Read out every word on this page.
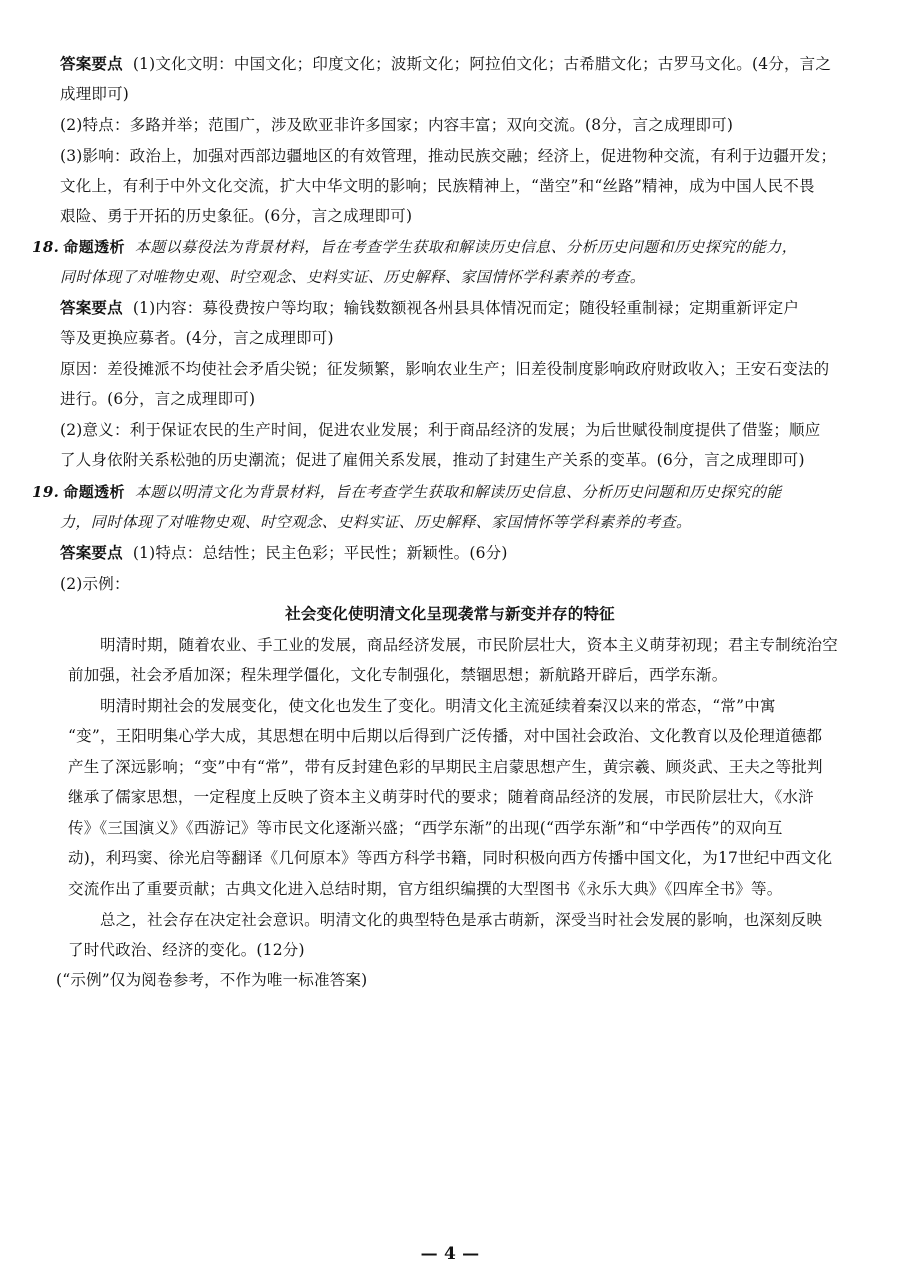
答案要点 (1)文化文明：中国文化；印度文化；波斯文化；阿拉伯文化；古希腊文化；古罗马文化。(4分，言之
成理即可)
(2)特点：多路并举；范围广，涉及欧亚非许多国家；内容丰富；双向交流。(8分，言之成理即可)
(3)影响：政治上，加强对西部边疆地区的有效管理，推动民族交融；经济上，促进物种交流，有利于边疆开发；
文化上，有利于中外文化交流，扩大中华文明的影响；民族精神上，“凿空”和“丝路”精神，成为中国人民不畏
艰险、勇于开拓的历史象征。(6分，言之成理即可)
18. 命题透析 本题以募役法为背景材料，旨在考查学生获取和解读历史信息、分析历史问题和历史探究的能力，
同时体现了对唯物史观、时空观念、史料实证、历史解释、家国情怀学科素养的考查。
答案要点 (1)内容：募役费按户等均取；输钱数额视各州县具体情况而定；随役轻重制禄；定期重新评定户
等及更换应募者。(4分，言之成理即可)
原因：差役摊派不均使社会矛盾尖锐；征发频繁，影响农业生产；旧差役制度影响政府财政收入；王安石变法的
进行。(6分，言之成理即可)
(2)意义：利于保证农民的生产时间，促进农业发展；利于商品经济的发展；为后世赋役制度提供了借鉴；顺应
了人身依附关系松弛的历史潮流；促进了雇佣关系发展，推动了封建生产关系的变革。(6分，言之成理即可)
19. 命题透析 本题以明清文化为背景材料，旨在考查学生获取和解读历史信息、分析历史问题和历史探究的能
力，同时体现了对唯物史观、时空观念、史料实证、历史解释、家国情怀等学科素养的考查。
答案要点 (1)特点：总结性；民主色彩；平民性；新颖性。(6分)
(2)示例：
社会变化使明清文化呈现袭常与新变并存的特征
明清时期，随着农业、手工业的发展，商品经济发展，市民阶层壮大，资本主义萌芽初现；君主专制统治空
前加强，社会矛盾加深；程朱理学僵化，文化专制强化，禁锢思想；新航路开辟后，西学东渐。
明清时期社会的发展变化，使文化也发生了变化。明清文化主流延续着秦汉以来的常态，“常”中寓
“变”，王阳明集心学大成，其思想在明中后期以后得到广泛传播，对中国社会政治、文化教育以及伦理道德都
产生了深远影响；“变”中有“常”，带有反封建色彩的早期民主启蒙思想产生，黄宗羲、顾炎武、王夫之等批判
继承了儒家思想，一定程度上反映了资本主义萌芽时代的要求；随着商品经济的发展，市民阶层壮大，《水浒
传》《三国演义》《西游记》等市民文化逐渐兴盛；“西学东渐”的出现(“西学东渐”和“中学西传”的双向互
动)，利玛窦、徐光启等翻译《几何原本》等西方科学书籍，同时积极向西方传播中国文化，为17世纪中西文化
交流作出了重要贡献；古典文化进入总结时期，官方组织编撰的大型图书《永乐大典》《四库全书》等。
总之，社会存在决定社会意识。明清文化的典型特色是承古萌新，深受当时社会发展的影响，也深刻反映
了时代政治、经济的变化。(12分)
(“示例”仅为阅卷参考，不作为唯一标准答案)
— 4 —
